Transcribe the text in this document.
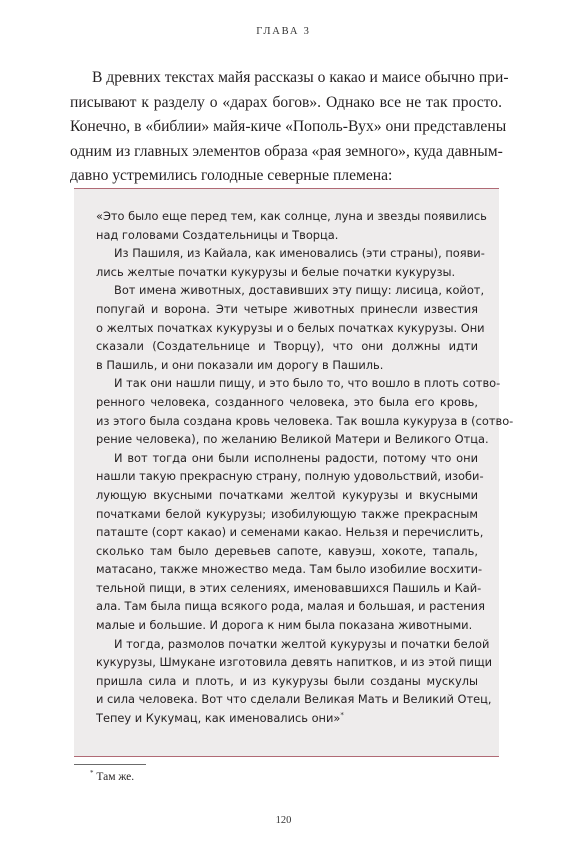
ГЛАВА 3
В древних текстах майя рассказы о какао и маисе обычно при-
писывают к разделу о «дарах богов». Однако все не так просто.
Конечно, в «библии» майя-киче «Пополь-Вух» они представлены
одним из главных элементов образа «рая земного», куда давным-
давно устремились голодные северные племена:
«Это было еще перед тем, как солнце, луна и звезды появились
над головами Создательницы и Творца.
Из Пашиля, из Кайала, как именовались (эти страны), появи-
лись желтые початки кукурузы и белые початки кукурузы.
Вот имена животных, доставивших эту пищу: лисица, койот,
попугай и ворона. Эти четыре животных принесли известия
о желтых початках кукурузы и о белых початках кукурузы. Они
сказали (Создательнице и Творцу), что они должны идти
в Пашиль, и они показали им дорогу в Пашиль.
И так они нашли пищу, и это было то, что вошло в плоть сотво-
ренного человека, созданного человека, это была его кровь,
из этого была создана кровь человека. Так вошла кукуруза в (сотво-
рение человека), по желанию Великой Матери и Великого Отца.
И вот тогда они были исполнены радости, потому что они
нашли такую прекрасную страну, полную удовольствий, изоби-
лующую вкусными початками желтой кукурузы и вкусными
початками белой кукурузы; изобилующую также прекрасным
паташте (сорт какао) и семенами какао. Нельзя и перечислить,
сколько там было деревьев сапоте, кавуэш, хокоте, тапаль,
матасано, также множество меда. Там было изобилие восхити-
тельной пищи, в этих селениях, именовавшихся Пашиль и Кай-
ала. Там была пища всякого рода, малая и большая, и растения
малые и большие. И дорога к ним была показана животными.
И тогда, размолов початки желтой кукурузы и початки белой
кукурузы, Шмукане изготовила девять напитков, и из этой пищи
пришла сила и плоть, и из кукурузы были созданы мускулы
и сила человека. Вот что сделали Великая Мать и Великий Отец,
Тепеу и Кукумац, как именовались они»*
* Там же.
120
